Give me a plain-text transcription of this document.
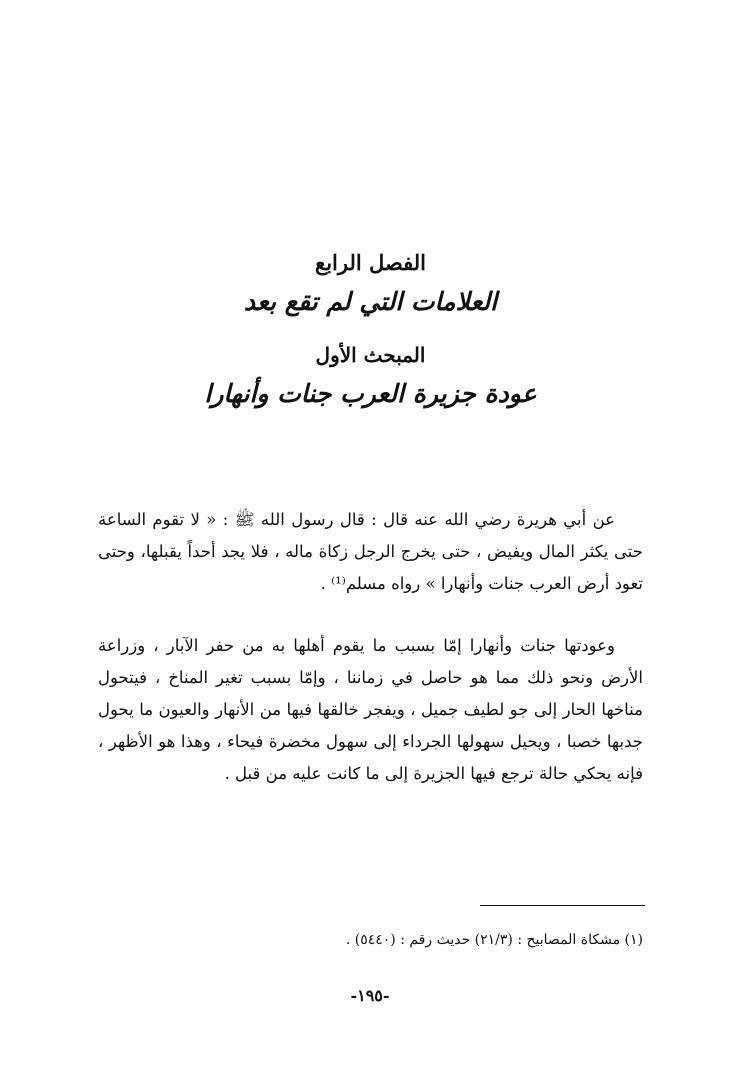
الفصل الرابع

العلامات التي لم تقع بعد

المبحث الأول

عودة جزيرة العرب جنات وأنهارا

عن أبي هريرة رضي الله عنه قال : قال رسول الله ﷺ : « لا تقوم الساعة حتى يكثر المال ويفيض ، حتى يخرج الرجل زكاة ماله ، فلا يجد أحداً يقبلها، وحتى تعود أرض العرب جنات وأنهارا » رواه مسلم⁽¹⁾ .

وعودتها جنات وأنهارا إمّا بسبب ما يقوم أهلها به من حفر الآبار ، وزراعة الأرض ونحو ذلك مما هو حاصل في زماننا ، وإمّا بسبب تغير المناخ ، فيتحول مناخها الحار إلى جو لطيف جميل ، ويفجر خالقها فيها من الأنهار والعيون ما يحول جدبها خصبا ، ويحيل سهولها الجرداء إلى سهول مخضرة فيحاء ، وهذا هو الأظهر ، فإنه يحكي حالة ترجع فيها الجزيرة إلى ما كانت عليه من قبل .

(١) مشكاة المصابيح : (٢١/٣) حديث رقم : (٥٤٤٠) .

-١٩٥-
